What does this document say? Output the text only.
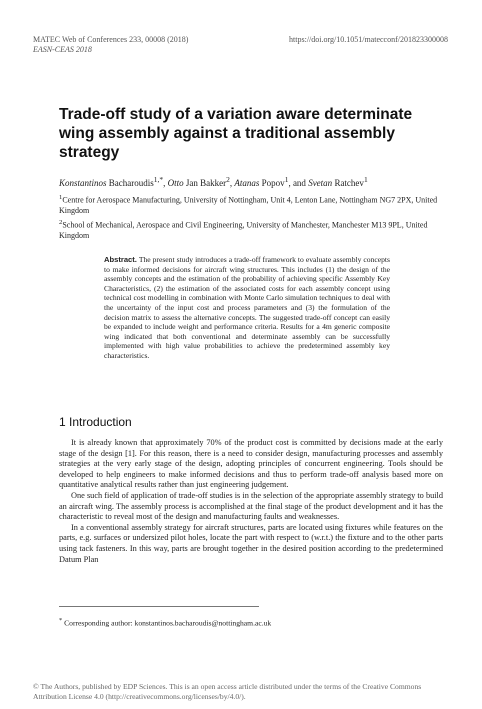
MATEC Web of Conferences 233, 00008 (2018)
EASN-CEAS 2018
https://doi.org/10.1051/matecconf/201823300008
Trade-off study of a variation aware determinate wing assembly against a traditional assembly strategy
Konstantinos Bacharoudis$^{1,*}$, Otto Jan Bakker$^2$, Atanas Popov$^1$, and Svetan Ratchev$^1$
$^1$Centre for Aerospace Manufacturing, University of Nottingham, Unit 4, Lenton Lane, Nottingham NG7 2PX, United Kingdom
$^2$School of Mechanical, Aerospace and Civil Engineering, University of Manchester, Manchester M13 9PL, United Kingdom
Abstract. The present study introduces a trade-off framework to evaluate assembly concepts to make informed decisions for aircraft wing structures. This includes (1) the design of the assembly concepts and the estimation of the probability of achieving specific Assembly Key Characteristics, (2) the estimation of the associated costs for each assembly concept using technical cost modelling in combination with Monte Carlo simulation techniques to deal with the uncertainty of the input cost and process parameters and (3) the formulation of the decision matrix to assess the alternative concepts. The suggested trade-off concept can easily be expanded to include weight and performance criteria. Results for a 4m generic composite wing indicated that both conventional and determinate assembly can be successfully implemented with high value probabilities to achieve the predetermined assembly key characteristics.
1 Introduction

It is already known that approximately 70% of the product cost is committed by decisions made at the early stage of the design [1]. For this reason, there is a need to consider design, manufacturing processes and assembly strategies at the very early stage of the design, adopting principles of concurrent engineering. Tools should be developed to help engineers to make informed decisions and thus to perform trade-off analysis based more on quantitative analytical results rather than just engineering judgement.

One such field of application of trade-off studies is in the selection of the appropriate assembly strategy to build an aircraft wing. The assembly process is accomplished at the final stage of the product development and it has the characteristic to reveal most of the design and manufacturing faults and weaknesses.

In a conventional assembly strategy for aircraft structures, parts are located using fixtures while features on the parts, e.g. surfaces or undersized pilot holes, locate the part with respect to (w.r.t.) the fixture and to the other parts using tack fasteners. In this way, parts are brought together in the desired position according to the predetermined Datum Plan

* Corresponding author: konstantinos.bacharoudis@nottingham.ac.uk
© The Authors, published by EDP Sciences. This is an open access article distributed under the terms of the Creative Commons Attribution License 4.0 (http://creativecommons.org/licenses/by/4.0/).
